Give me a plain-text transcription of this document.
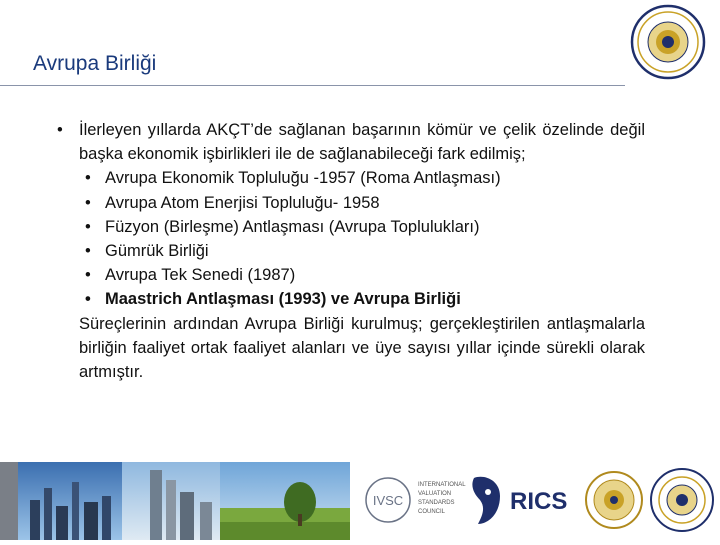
Avrupa Birliği

• İlerleyen yıllarda AKÇT’de sağlanan başarının kömür ve çelik özelinde değil başka ekonomik işbirlikleri ile de sağlanabileceği fark edilmiş;

• Avrupa Ekonomik Topluluğu -1957 (Roma Antlaşması)
• Avrupa Atom Enerjisi Topluluğu- 1958
• Füzyon (Birleşme) Antlaşması (Avrupa Toplulukları)
• Gümrük Birliği
• Avrupa Tek Senedi (1987)
• Maastrich Antlaşması (1993) ve Avrupa Birliği

Süreçlerinin ardından Avrupa Birliği kurulmuş; gerçekleştirilen antlaşmalarla birliğin faaliyet ortak faaliyet alanları ve üye sayısı yıllar içinde sürekli olarak artmıştır.

IVSC
INTERNATIONAL
VALUATION
STANDARDS
COUNCIL	RICS
